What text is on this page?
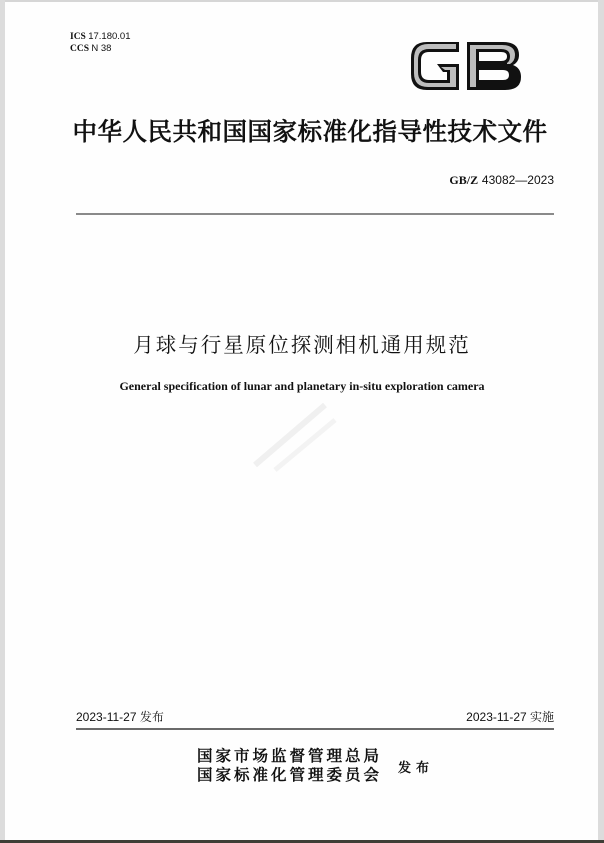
ICS 17.180.01
CCS N 38
中华人民共和国国家标准化指导性技术文件
GB/Z 43082—2023
月球与行星原位探测相机通用规范
General specification of lunar and planetary in-situ exploration camera
2023-11-27 发布	2023-11-27 实施
国家市场监督管理总局
国家标准化管理委员会 发布
